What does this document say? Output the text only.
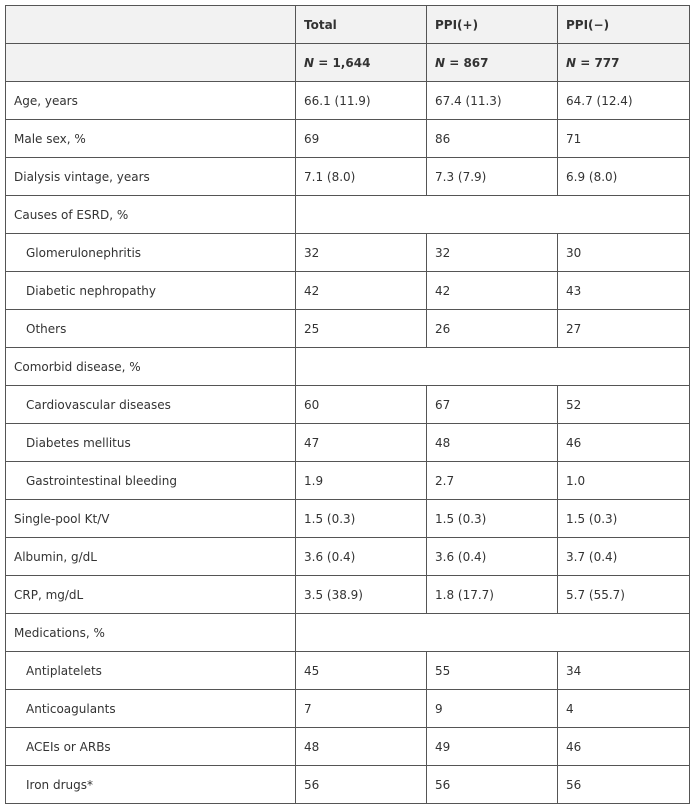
	Total	PPI(+)	PPI(−)
	N = 1,644	N = 867	N = 777
Age, years	66.1 (11.9)	67.4 (11.3)	64.7 (12.4)
Male sex, %	69	86	71
Dialysis vintage, years	7.1 (8.0)	7.3 (7.9)	6.9 (8.0)
Causes of ESRD, %			
Glomerulonephritis	32	32	30
Diabetic nephropathy	42	42	43
Others	25	26	27
Comorbid disease, %			
Cardiovascular diseases	60	67	52
Diabetes mellitus	47	48	46
Gastrointestinal bleeding	1.9	2.7	1.0
Single-pool Kt/V	1.5 (0.3)	1.5 (0.3)	1.5 (0.3)
Albumin, g/dL	3.6 (0.4)	3.6 (0.4)	3.7 (0.4)
CRP, mg/dL	3.5 (38.9)	1.8 (17.7)	5.7 (55.7)
Medications, %			
Antiplatelets	45	55	34
Anticoagulants	7	9	4
ACEIs or ARBs	48	49	46
Iron drugs*	56	56	56
